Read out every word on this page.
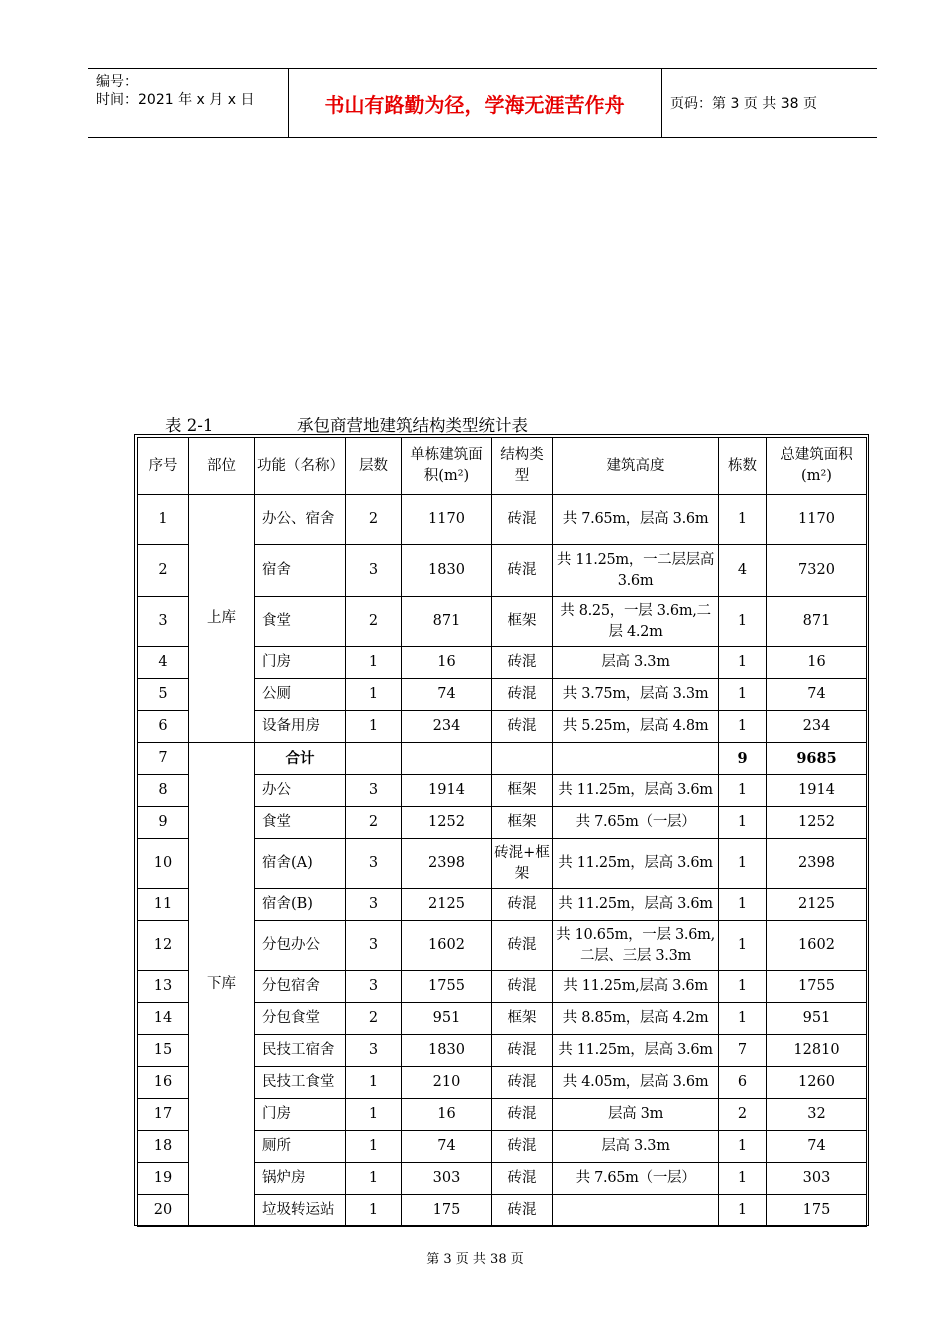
编号：
时间：2021 年 x 月 x 日	书山有路勤为径，学海无涯苦作舟	页码：第 3 页 共 38 页
表 2-1	承包商营地建筑结构类型统计表
序号	部位	功能（名称）	层数	单栋建筑面积(m²)	结构类型	建筑高度	栋数	总建筑面积(m²)
1	上库	办公、宿舍	2	1170	砖混	共 7.65m，层高 3.6m	1	1170
2		宿舍	3	1830	砖混	共 11.25m，一二层层高 3.6m	4	7320
3		食堂	2	871	框架	共 8.25，一层 3.6m,二层 4.2m	1	871
4		门房	1	16	砖混	层高 3.3m	1	16
5		公厕	1	74	砖混	共 3.75m，层高 3.3m	1	74
6		设备用房	1	234	砖混	共 5.25m，层高 4.8m	1	234
7	下库	合计					9	9685
8		办公	3	1914	框架	共 11.25m，层高 3.6m	1	1914
9		食堂	2	1252	框架	共 7.65m（一层）	1	1252
10		宿舍(A)	3	2398	砖混+框架	共 11.25m，层高 3.6m	1	2398
11		宿舍(B)	3	2125	砖混	共 11.25m，层高 3.6m	1	2125
12		分包办公	3	1602	砖混	共 10.65m，一层 3.6m,二层、三层 3.3m	1	1602
13		分包宿舍	3	1755	砖混	共 11.25m,层高 3.6m	1	1755
14		分包食堂	2	951	框架	共 8.85m，层高 4.2m	1	951
15		民技工宿舍	3	1830	砖混	共 11.25m，层高 3.6m	7	12810
16		民技工食堂	1	210	砖混	共 4.05m，层高 3.6m	6	1260
17		门房	1	16	砖混	层高 3m	2	32
18		厕所	1	74	砖混	层高 3.3m	1	74
19		锅炉房	1	303	砖混	共 7.65m（一层）	1	303
20		垃圾转运站	1	175	砖混		1	175
第 3 页 共 38 页
